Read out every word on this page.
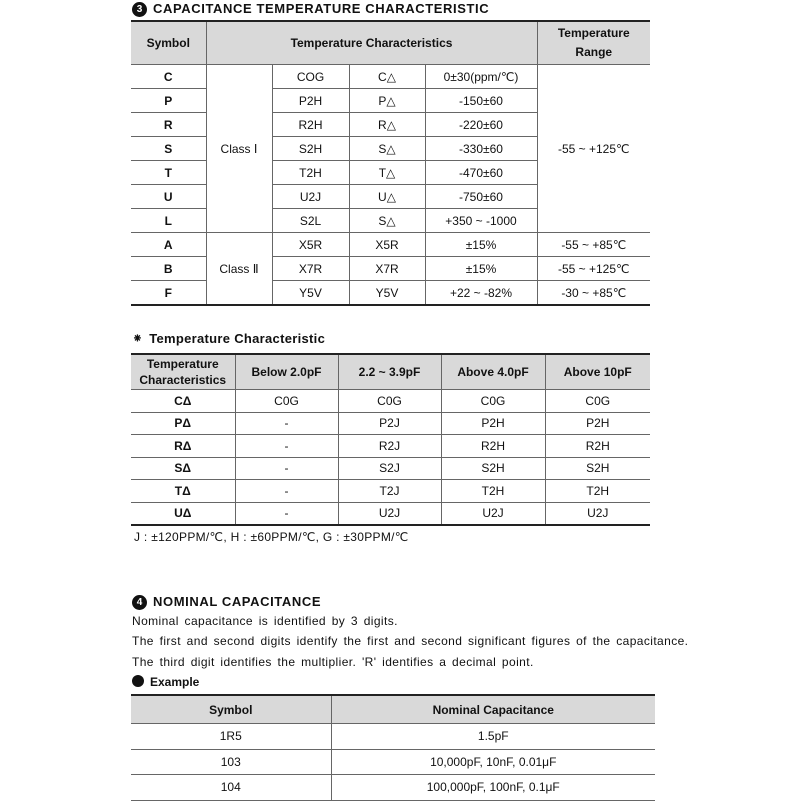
3 CAPACITANCE TEMPERATURE CHARACTERISTIC
Symbol	Temperature Characteristics				Temperature Range
C	Class Ⅰ	COG	C△	0±30(ppm/℃)	-55 ~ +125℃
P		P2H	P△	-150±60	
R		R2H	R△	-220±60	
S		S2H	S△	-330±60	
T		T2H	T△	-470±60	
U		U2J	U△	-750±60	
L		S2L	S△	+350 ~ -1000	
A	Class Ⅱ	X5R	X5R	±15%	-55 ~ +85℃
B		X7R	X7R	±15%	-55 ~ +125℃
F		Y5V	Y5V	+22 ~ -82%	-30 ~ +85℃
⁕ Temperature Characteristic
Temperature Characteristics	Below 2.0pF	2.2 ~ 3.9pF	Above 4.0pF	Above 10pF
CΔ	C0G	C0G	C0G	C0G
PΔ	-	P2J	P2H	P2H
RΔ	-	R2J	R2H	R2H
SΔ	-	S2J	S2H	S2H
TΔ	-	T2J	T2H	T2H
UΔ	-	U2J	U2J	U2J
J : ±120PPM/℃, H : ±60PPM/℃, G : ±30PPM/℃
4 NOMINAL CAPACITANCE
Nominal capacitance is identified by 3 digits.
The first and second digits identify the first and second significant figures of the capacitance.
The third digit identifies the multiplier. 'R' identifies a decimal point.
Example
Symbol	Nominal Capacitance
1R5	1.5pF
103	10,000pF, 10nF, 0.01μF
104	100,000pF, 100nF, 0.1μF
